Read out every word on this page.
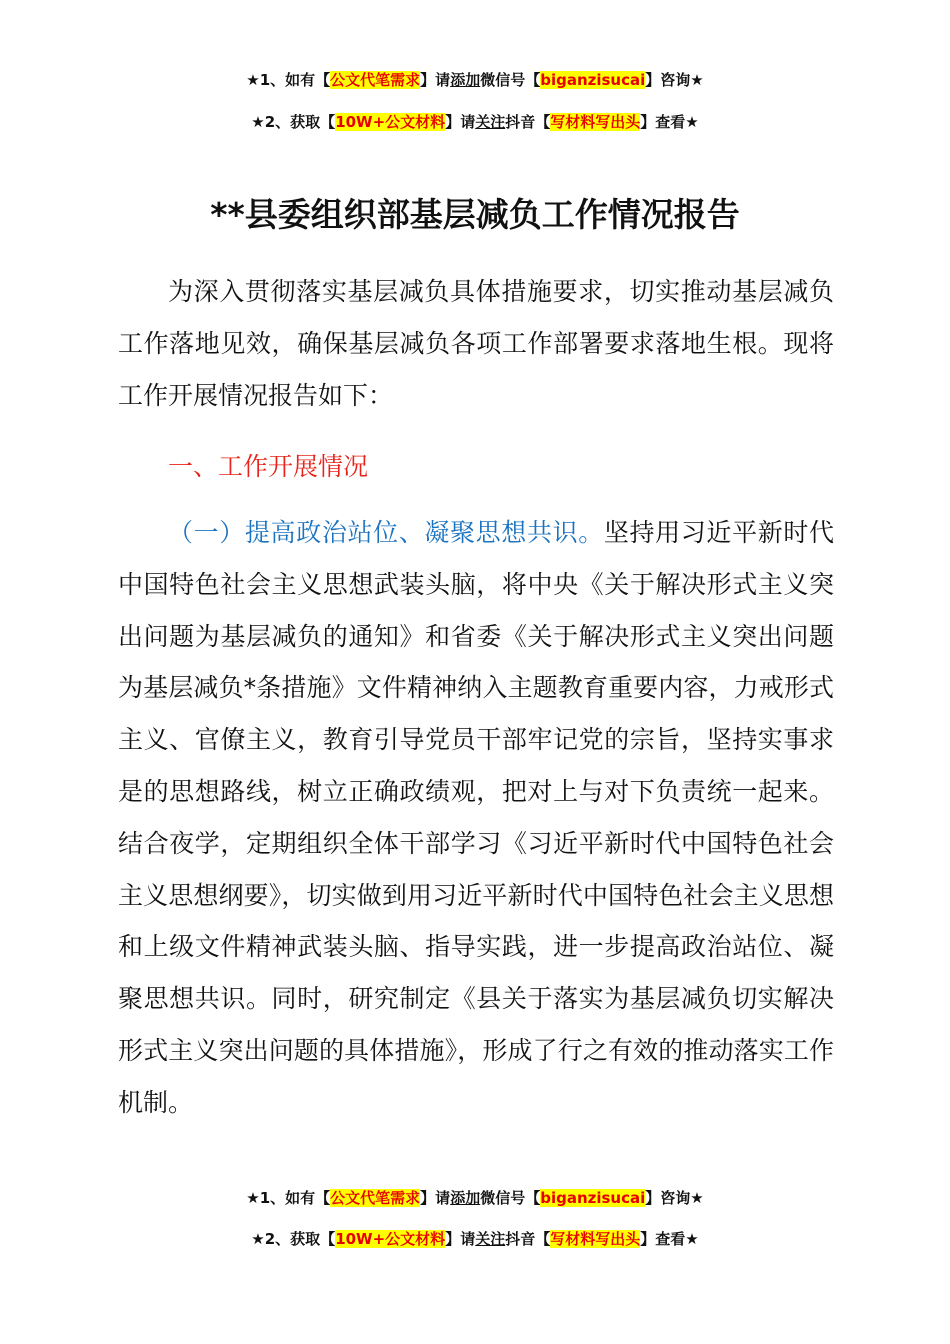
★1、如有【公文代笔需求】请添加微信号【biganzisucai】咨询★
★2、获取【10W+公文材料】请关注抖音【写材料写出头】查看★
**县委组织部基层减负工作情况报告

为深入贯彻落实基层减负具体措施要求，切实推动基层减负工作落地见效，确保基层减负各项工作部署要求落地生根。现将工作开展情况报告如下：

一、工作开展情况

（一）提高政治站位、凝聚思想共识。坚持用习近平新时代中国特色社会主义思想武装头脑，将中央《关于解决形式主义突出问题为基层减负的通知》和省委《关于解决形式主义突出问题为基层减负*条措施》文件精神纳入主题教育重要内容，力戒形式主义、官僚主义，教育引导党员干部牢记党的宗旨，坚持实事求是的思想路线，树立正确政绩观，把对上与对下负责统一起来。结合夜学，定期组织全体干部学习《习近平新时代中国特色社会主义思想纲要》，切实做到用习近平新时代中国特色社会主义思想和上级文件精神武装头脑、指导实践，进一步提高政治站位、凝聚思想共识。同时，研究制定《县关于落实为基层减负切实解决形式主义突出问题的具体措施》，形成了行之有效的推动落实工作机制。

★1、如有【公文代笔需求】请添加微信号【biganzisucai】咨询★
★2、获取【10W+公文材料】请关注抖音【写材料写出头】查看★
